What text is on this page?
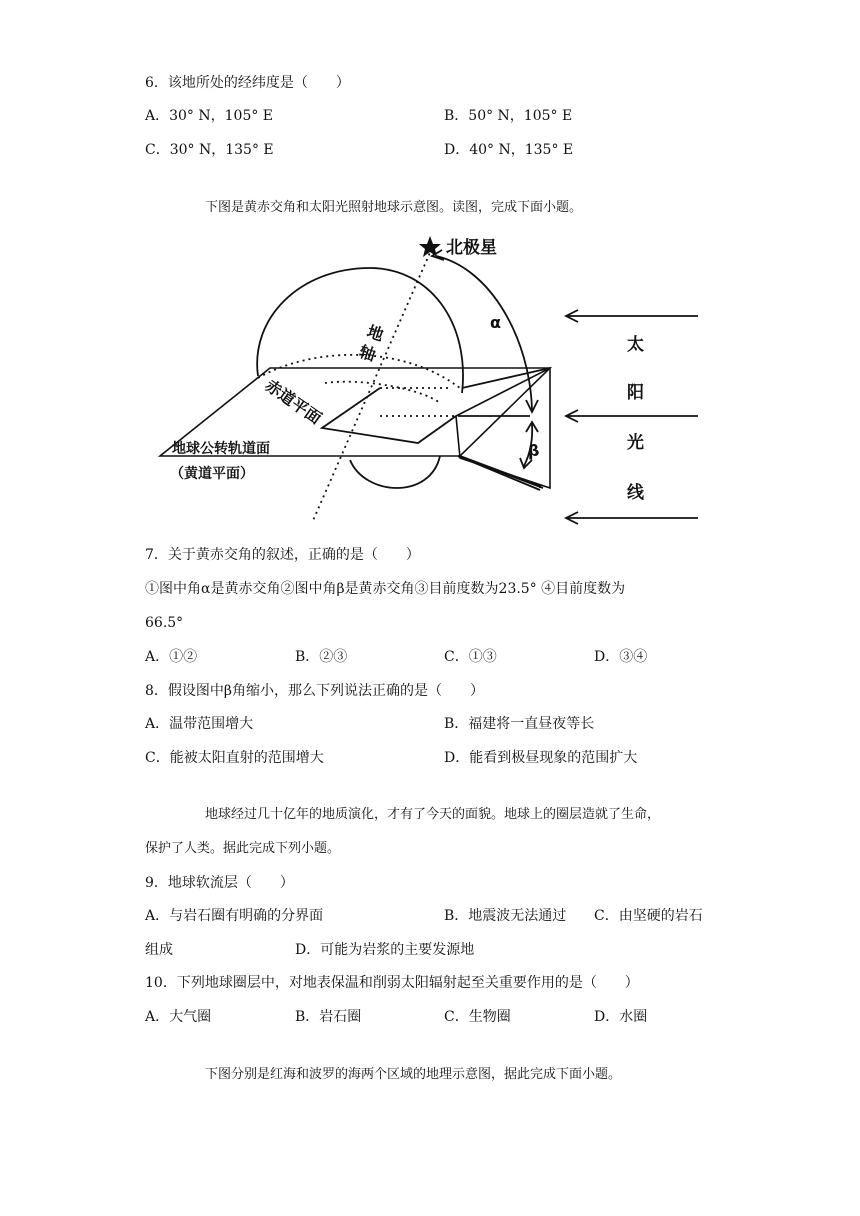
6．该地所处的经纬度是（　　）
A．30° N，105° E	B．50° N，105° E
C．30° N，135° E	D．40° N，135° E
下图是黄赤交角和太阳光照射地球示意图。读图，完成下面小题。
北极星
地
轴
α
β
赤道平面
地球公转轨道面
（黄道平面）
太
阳
光
线
7．关于黄赤交角的叙述，正确的是（　　）
①图中角α是黄赤交角②图中角β是黄赤交角③目前度数为23.5° ④目前度数为
66.5°
A．①②	B．②③	C．①③	D．③④
8．假设图中β角缩小，那么下列说法正确的是（　　）
A．温带范围增大	B．福建将一直昼夜等长
C．能被太阳直射的范围增大	D．能看到极昼现象的范围扩大
地球经过几十亿年的地质演化，才有了今天的面貌。地球上的圈层造就了生命，
保护了人类。据此完成下列小题。
9．地球软流层（　　）
A．与岩石圈有明确的分界面	B．地震波无法通过 C．由坚硬的岩石
组成	D．可能为岩浆的主要发源地
10．下列地球圈层中，对地表保温和削弱太阳辐射起至关重要作用的是（　　）
A．大气圈	B．岩石圈	C．生物圈	D．水圈
下图分别是红海和波罗的海两个区域的地理示意图，据此完成下面小题。
